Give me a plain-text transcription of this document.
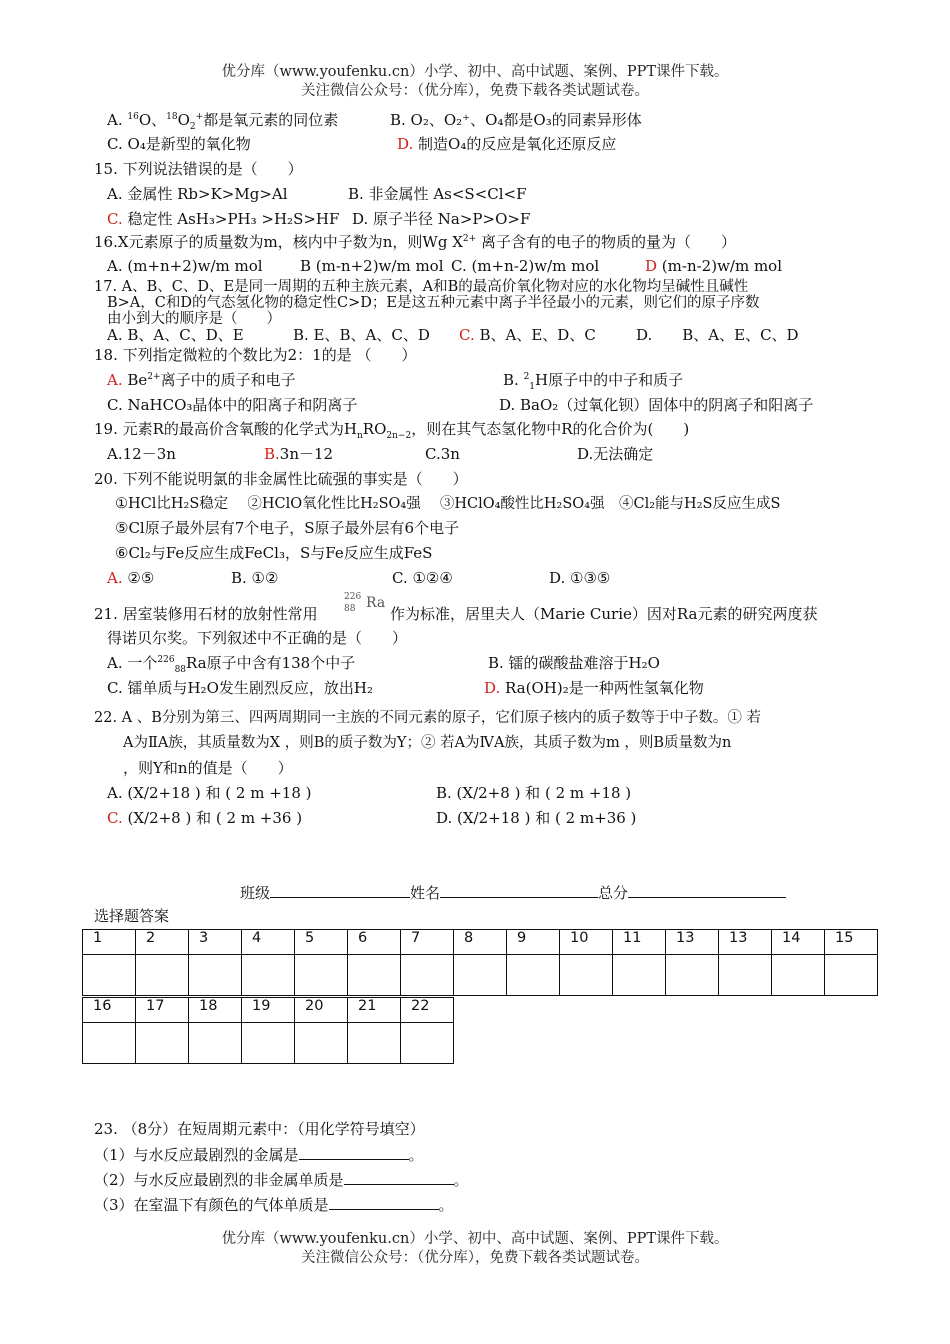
优分库（www.youfenku.cn）小学、初中、高中试题、案例、PPT课件下载。
关注微信公众号：（优分库），免费下载各类试题试卷。
A. $^{16}$O、$^{18}O_2^+$都是氧元素的同位素	B. O₂、O₂⁺、O₄都是O₃的同素异形体
C. O₄是新型的氧化物	D. 制造O₄的反应是氧化还原反应
15. 下列说法错误的是（　　）
A. 金属性 Rb>K>Mg>Al	B. 非金属性 As<S<Cl<F
C. 稳定性 AsH₃>PH₃ >H₂S>HF D. 原子半径 Na>P>O>F
16.X元素原子的质量数为m，核内中子数为n，则Wg $X^{2+}$ 离子含有的电子的物质的量为（　　）
A. (m+n+2)w/m mol B (m-n+2)w/m mol C. (m+n-2)w/m mol	D (m-n-2)w/m mol
17. A、B、C、D、E是同一周期的五种主族元素，A和B的最高价氧化物对应的水化物均呈碱性且碱性
B>A，C和D的气态氢化物的稳定性C>D；E是这五种元素中离子半径最小的元素，则它们的原子序数
由小到大的顺序是（　　）
A. B、A、C、D、E	B. E、B、A、C、D C. B、A、E、D、C	D.　　B、A、E、C、D
18. 下列指定微粒的个数比为2：1的是 （　　）
A. $Be^{2+}$离子中的质子和电子	B. $^2_1$H原子中的中子和质子
C. NaHCO₃晶体中的阳离子和阴离子	D. BaO₂（过氧化钡）固体中的阴离子和阳离子
19. 元素R的最高价含氧酸的化学式为$H_nRO_{2n-2}$，则在其气态氢化物中R的化合价为(　　)
A.12－3n	B.3n－12	C.3n	D.无法确定
20. 下列不能说明氯的非金属性比硫强的事实是（　　）
①HCl比H₂S稳定　 ②HClO氧化性比H₂SO₄强　 ③HClO₄酸性比H₂SO₄强　④Cl₂能与H₂S反应生成S
⑤Cl原子最外层有7个电子，S原子最外层有6个电子
⑥Cl₂与Fe反应生成FeCl₃，S与Fe反应生成FeS
A. ②⑤	B. ①②	C. ①②④	D. ①③⑤
21. 居室装修用石材的放射性常用
226
88 Ra
作为标准，居里夫人（Marie Curie）因对Ra元素的研究两度获
得诺贝尔奖。下列叙述中不正确的是（　　）
A. 一个$^{226}_{88}$Ra原子中含有138个中子	B. 镭的碳酸盐难溶于H₂O
C. 镭单质与H₂O发生剧烈反应，放出H₂	D. Ra(OH)₂是一种两性氢氧化物
22. A 、B分别为第三、四两周期同一主族的不同元素的原子，它们原子核内的质子数等于中子数。① 若
A为ⅡA族，其质量数为X ，则B的质子数为Y；② 若A为ⅣA族，其质子数为m ，则B质量数为n
，则Y和n的值是（　　）
A. (X/2+18 ) 和 ( 2 m +18 )	B. (X/2+8 ) 和 ( 2 m +18 )
C. (X/2+8 ) 和 ( 2 m +36 )	D. (X/2+18 ) 和 ( 2 m+36 )
班级	姓名	总分
选择题答案
1	2	3	4	5	6	7	8	9	10	11	13	13	14	15

16	17	18	19	20	21	22

23. （8分）在短周期元素中：（用化学符号填空）
（1）与水反应最剧烈的金属是	。
（2）与水反应最剧烈的非金属单质是	。
（3）在室温下有颜色的气体单质是	。
优分库（www.youfenku.cn）小学、初中、高中试题、案例、PPT课件下载。
关注微信公众号：（优分库），免费下载各类试题试卷。
